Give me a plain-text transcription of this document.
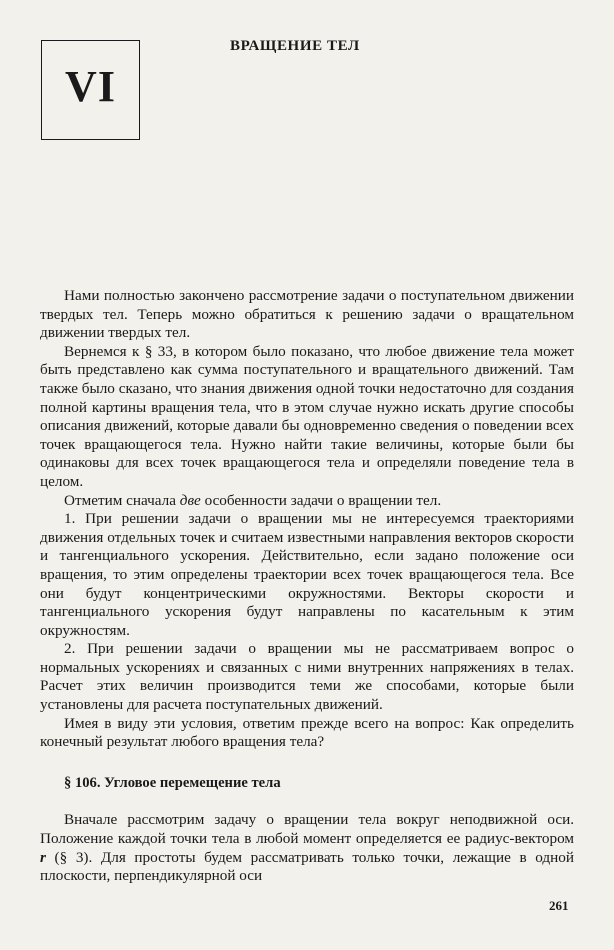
VI
ВРАЩЕНИЕ ТЕЛ

Нами полностью закончено рассмотрение задачи о поступательном движении твердых тел. Теперь можно обратиться к решению задачи о вращательном движении твердых тел.

Вернемся к § 33, в котором было показано, что любое движение тела может быть представлено как сумма поступательного и вращательного движений. Там также было сказано, что знания движения одной точки недостаточно для создания полной картины вращения тела, что в этом случае нужно искать другие способы описания движений, которые давали бы одновременно сведения о поведении всех точек вращающегося тела. Нужно найти такие величины, которые были бы одинаковы для всех точек вращающегося тела и определяли поведение тела в целом.

Отметим сначала две особенности задачи о вращении тел.

1. При решении задачи о вращении мы не интересуемся траекториями движения отдельных точек и считаем известными направления векторов скорости и тангенциального ускорения. Действительно, если задано положение оси вращения, то этим определены траектории всех точек вращающегося тела. Все они будут концентрическими окружностями. Векторы скорости и тангенциального ускорения будут направлены по касательным к этим окружностям.

2. При решении задачи о вращении мы не рассматриваем вопрос о нормальных ускорениях и связанных с ними внутренних напряжениях в телах. Расчет этих величин производится теми же способами, которые были установлены для расчета поступательных движений.

Имея в виду эти условия, ответим прежде всего на вопрос: Как определить конечный результат любого вращения тела?

§ 106. Угловое перемещение тела

Вначале рассмотрим задачу о вращении тела вокруг неподвижной оси. Положение каждой точки тела в любой момент определяется ее радиус-вектором r (§ 3). Для простоты будем рассматривать только точки, лежащие в одной плоскости, перпендикулярной оси

261
